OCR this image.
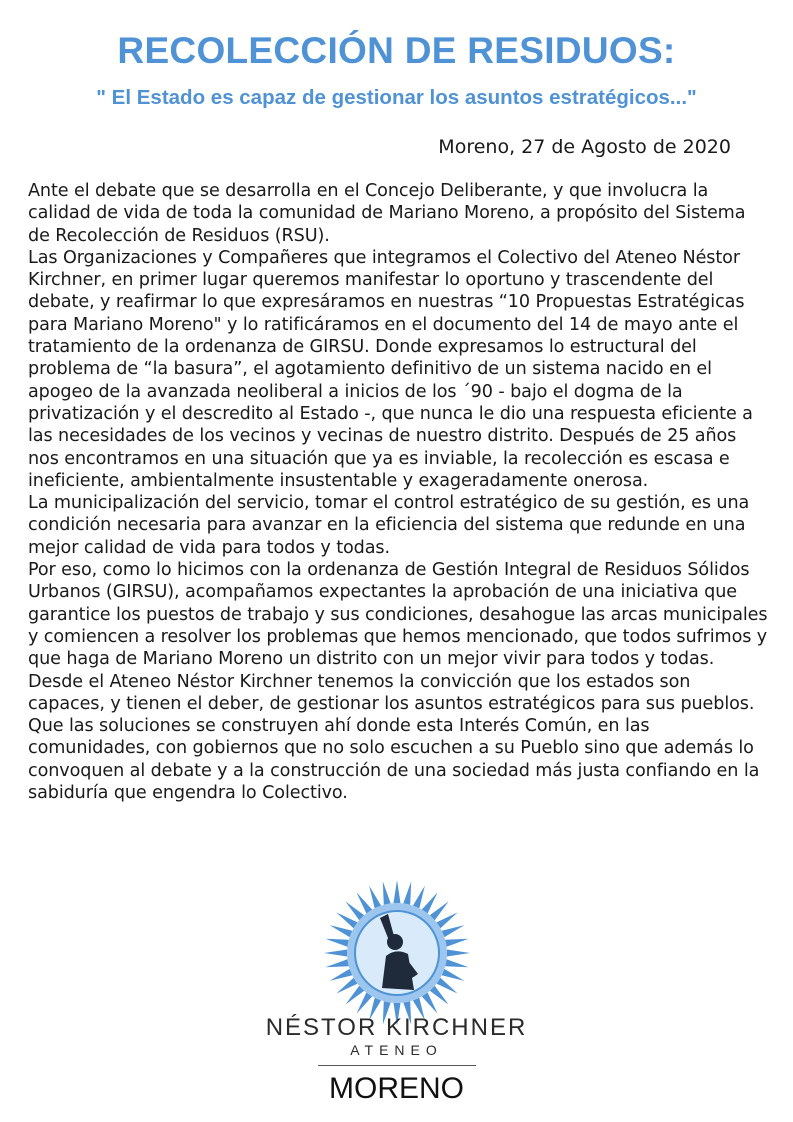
RECOLECCIÓN DE RESIDUOS:
" El Estado es capaz de gestionar los asuntos estratégicos..."
Moreno, 27 de Agosto de 2020

Ante el debate que se desarrolla en el Concejo Deliberante, y que involucra la calidad de vida de toda la comunidad de Mariano Moreno, a propósito del Sistema de Recolección de Residuos (RSU).

Las Organizaciones y Compañeres que integramos el Colectivo del Ateneo Néstor Kirchner, en primer lugar queremos manifestar lo oportuno y trascendente del debate, y reafirmar lo que expresáramos en nuestras “10 Propuestas Estratégicas para Mariano Moreno" y lo ratificáramos en el documento del 14 de mayo ante el tratamiento de la ordenanza de GIRSU. Donde expresamos lo estructural del problema de “la basura”, el agotamiento definitivo de un sistema nacido en el apogeo de la avanzada neoliberal a inicios de los ´90 - bajo el dogma de la privatización y el descredito al Estado -, que nunca le dio una respuesta eficiente a las necesidades de los vecinos y vecinas de nuestro distrito. Después de 25 años nos encontramos en una situación que ya es inviable, la recolección es escasa e ineficiente, ambientalmente insustentable y exageradamente onerosa.

La municipalización del servicio, tomar el control estratégico de su gestión, es una condición necesaria para avanzar en la eficiencia del sistema que redunde en una mejor calidad de vida para todos y todas.

Por eso, como lo hicimos con la ordenanza de Gestión Integral de Residuos Sólidos Urbanos (GIRSU), acompañamos expectantes la aprobación de una iniciativa que garantice los puestos de trabajo y sus condiciones, desahogue las arcas municipales y comiencen a resolver los problemas que hemos mencionado, que todos sufrimos y que haga de Mariano Moreno un distrito con un mejor vivir para todos y todas.

Desde el Ateneo Néstor Kirchner tenemos la convicción que los estados son capaces, y tienen el deber, de gestionar los asuntos estratégicos para sus pueblos. Que las soluciones se construyen ahí donde esta Interés Común, en las comunidades, con gobiernos que no solo escuchen a su Pueblo sino que además lo convoquen al debate y a la construcción de una sociedad más justa confiando en la sabiduría que engendra lo Colectivo.

NÉSTOR KIRCHNER
ATENEO
MORENO
